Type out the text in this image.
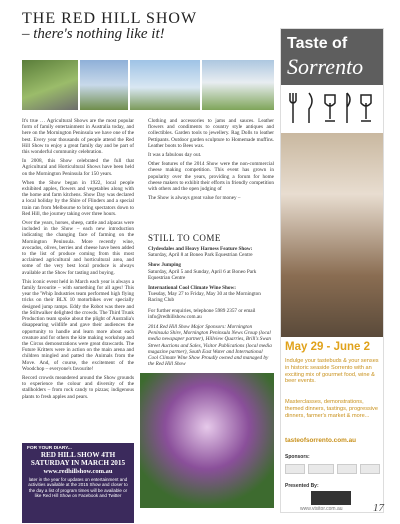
THE RED HILL SHOW
– there's nothing like it!

It's true … Agricultural Shows are the most popular form of family entertainment in Australia today, and here on the Mornington Peninsula we have one of the best. Every year thousands of people attend the Red Hill Show to enjoy a great family day and be part of this wonderful community celebration.

In 2008, this Show celebrated the full that Agricultural and Horticultural Shows have been held on the Mornington Peninsula for 150 years.

When the Show began in 1922, local people exhibited apples, flowers and vegetables along with the home and farm kitchens. Show Day was declared a local holiday by the Shire of Flinders and a special train ran from Melbourne to bring spectators down to Red Hill, the journey taking over three hours.

Over the years, horses, sheep, cattle and alpacas were included in the Show – each new introduction indicating the changing face of farming on the Mornington Peninsula. More recently wine, avocados, olives, berries and cheese have been added to the list of produce coming from this most acclaimed agricultural and horticultural area, and some of the very best local produce is always available at the Show for tasting and buying.

This iconic event held in March each year is always a family favourite – with something for all ages! This year the 'Whip Industries team performed high flying tricks on their BLX 10 motorbikes over specially designed jump ramps. Eddy the Robot was there and the Stiltwalker delighted the crowds. The Third Trunk Production team spoke about the plight of Australia's disappearing wildlife and gave their audiences the opportunity to handle and learn more about each creature and for others the kite making workshop and the Circus demonstrations were great drawcards. The Future Kritters were in action on the main arena and children mingled and patted the Animals from the Move. And, of course, the excitement of the Woodchop – everyone's favourite!

Record crowds meandered around the Show grounds to experience the colour and diversity of the stallholders – from rock candy to pizzas; indigenous plants to fresh apples and pears.

Clothing and accessories to jams and sauces. Leather flowers and condiments to country style antiques and collectibles. Garden tools to jewellery. Rag Dolls to leather Pettipants. Outdoor garden sculpture to Homemade muffins. Leather boots to Bees wax.

It was a fabulous day out.

Other features of the 2014 Show were the non-commercial cheese making competition. This event has grown in popularity over the years, providing a forum for home cheese makers to exhibit their efforts in friendly competition with others and the open judging of

The Show is always great value for money –

STILL TO COME
Clydesdales and Heavy Harness Feature Show:
Saturday, April 8 at Boneo Park Equestrian Centre
Show Jumping
Saturday, April 5 and Sunday, April 6 at Boneo Park Equestrian Centre
International Cool Climate Wine Show:
Tuesday, May 27 to Friday, May 30 at the Mornington Racing Club
For further enquiries, telephone 5989 2357 or email info@redhillshow.com.au
2014 Red Hill Show Major Sponsors: Mornington Peninsula Shire, Mornington Peninsula News Group (local media newspaper partner), Hillview Quarries, Brill's Swan Street Auctions and Sales, Visitor Publications (local media magazine partner), South East Water and International Cool Climate Wine Show Proudly owned and managed by the Red Hill Show
FOR YOUR DIARY...
RED HILL SHOW 4TH SATURDAY IN MARCH 2015
www.redhillshow.com.au
later in the year for updates on entertainment and activities available at the 2015 Show and closer to the day a list of program times will be available or like Red Hill Show on Facebook and Twitter
Taste of
Sorrento
May 29 - June 2
Indulge your tastebuds & your senses in historic seaside Sorrento with an exciting mix of gourmet food, wine & beer events.
Masterclasses, demonstrations, themed dinners, tastings, progressive dinners, farmer's market & more...
tasteofsorrento.com.au
Sponsors:
Presented By:
www.visitor.com.au	17
